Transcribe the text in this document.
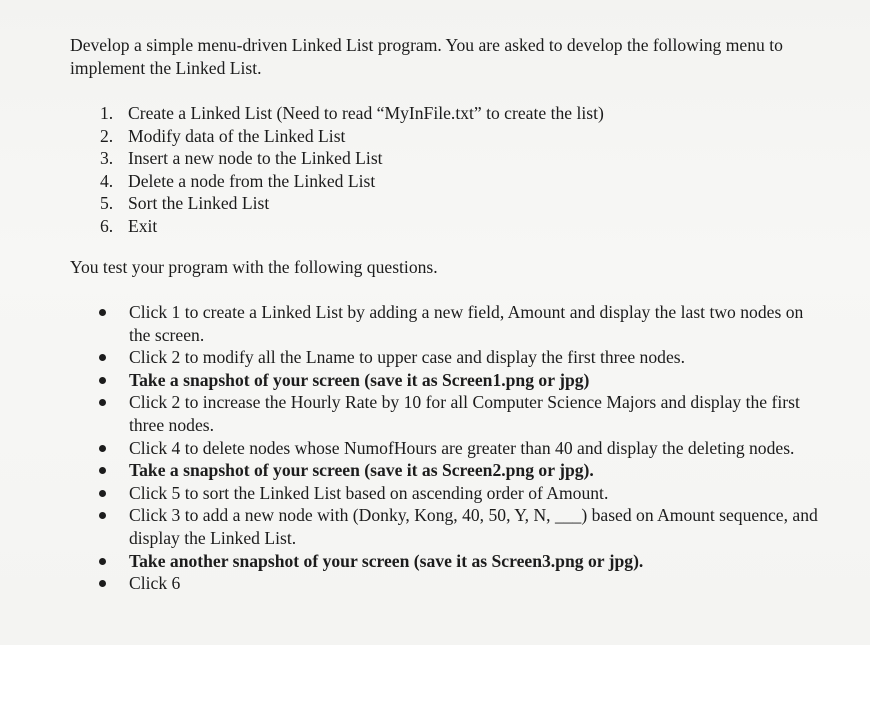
Develop a simple menu-driven Linked List program. You are asked to develop the following menu to implement the Linked List.

1. Create a Linked List (Need to read “MyInFile.txt” to create the list)
2. Modify data of the Linked List
3. Insert a new node to the Linked List
4. Delete a node from the Linked List
5. Sort the Linked List
6. Exit

You test your program with the following questions.

Click 1 to create a Linked List by adding a new field, Amount and display the last two nodes on the screen.
Click 2 to modify all the Lname to upper case and display the first three nodes.
Take a snapshot of your screen (save it as Screen1.png or jpg)
Click 2 to increase the Hourly Rate by 10 for all Computer Science Majors and display the first three nodes.
Click 4 to delete nodes whose NumofHours are greater than 40 and display the deleting nodes.
Take a snapshot of your screen (save it as Screen2.png or jpg).
Click 5 to sort the Linked List based on ascending order of Amount.
Click 3 to add a new node with (Donky, Kong, 40, 50, Y, N, ___) based on Amount sequence, and display the Linked List.
Take another snapshot of your screen (save it as Screen3.png or jpg).
Click 6
